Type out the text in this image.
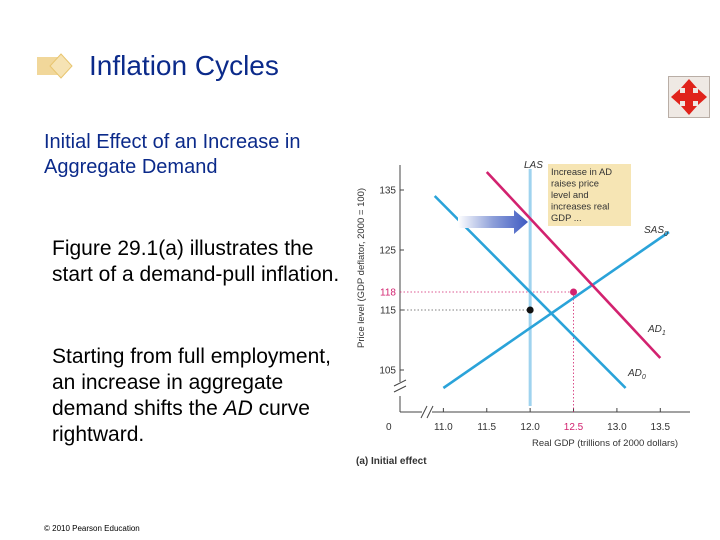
Inflation Cycles
Initial Effect of an Increase in Aggregate Demand
Figure 29.1(a) illustrates the start of a demand-pull inflation.
Starting from full employment, an increase in aggregate demand shifts the AD curve rightward.
© 2010 Pearson Education
105
115
125
135
11.0 11.5 12.0 12.5 13.0 13.5
118
Increase in AD raises price level and increases real GDP ...
LAS
$SAS_0$
$AD_1$
$AD_0$
Price level (GDP deflator, 2000 = 100)
Real GDP (trillions of 2000 dollars)
0
(a) Initial effect
